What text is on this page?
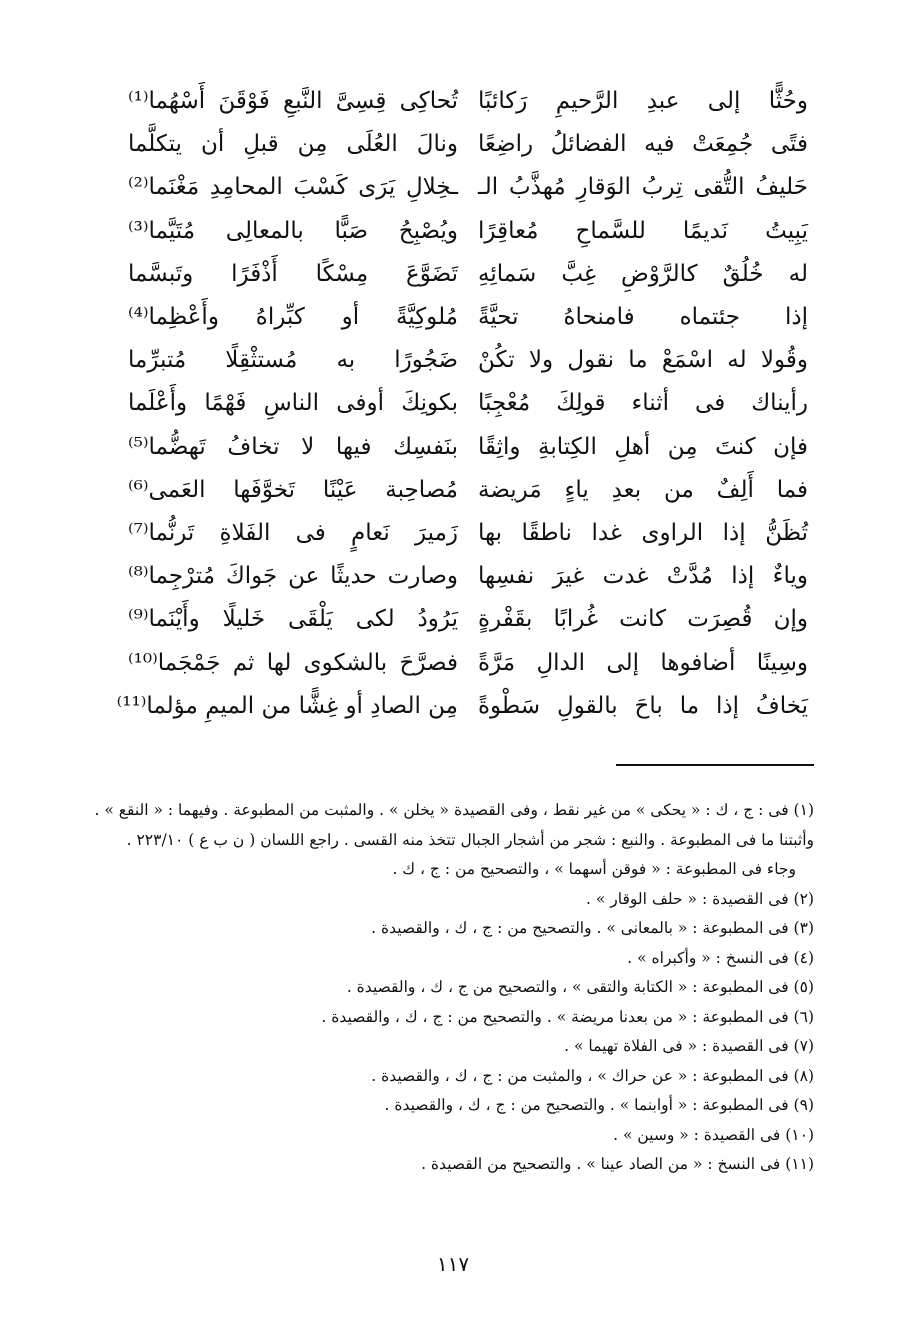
وحُثًّا إلى عبدِ الرَّحيمِ رَكائبًا
تُحاكِى قِسِىَّ النَّبعِ فَوْقَنَ أَسْهُما⁽¹⁾
فتًى جُمِعَتْ فيه الفضائلُ راضِعًا
ونالَ العُلَى مِن قبلِ أن يتكلَّما
حَليفُ التُّقى تِربُ الوَقارِ مُهذَّبُ الـ
ـخِلالِ يَرَى كَسْبَ المحامِدِ مَغْنَما⁽²⁾
يَبِيتُ نَديمًا للسَّماحِ مُعاقِرًا
ويُصْبِحُ صَبًّا بالمعالِى مُتَيَّما⁽³⁾
له خُلُقٌ كالرَّوْضِ غِبَّ سَمائِهِ
تَضَوَّعَ مِسْكًا أَذْفَرًا وتَبسَّما
إذا جئتماه فامنحاهُ تحيَّةً
مُلوكِيَّةً أو كبِّراهُ وأَعْظِما⁽⁴⁾
وقُولا له اسْمَعْ ما نقول ولا تكُنْ
ضَجُورًا به مُستثْقِلًا مُتبرِّما
رأيناك فى أثناء قولِكَ مُعْجِبًا
بكونِكَ أوفى الناسِ فَهْمًا وأَعْلَما
فإن كنتَ مِن أهلِ الكِتابةِ واثِقًا
بنَفسِك فيها لا تخافُ تَهضُّما⁽⁵⁾
فما أَلِفٌ من بعدِ ياءٍ مَريضة
مُصاحِبة عَيْنًا تَخوَّفَها العَمى⁽⁶⁾
تُظَنُّ إذا الراوى غدا ناطقًا بها
زَميرَ نَعامٍ فى الفَلاةِ تَرنُّما⁽⁷⁾
وياءٌ إذا مُدَّتْ غدت غيرَ نفسِها
وصارت حديثًا عن جَواكَ مُترْجِما⁽⁸⁾
وإن قُصِرَت كانت غُرابًا بقَفْرةٍ
يَرُودُ لكى يَلْقَى خَليلًا وأَيْنَما⁽⁹⁾
وسِينًا أضافوها إلى الدالِ مَرَّةً
فصرَّحَ بالشكوى لها ثم جَمْجَما⁽¹⁰⁾
يَخافُ إذا ما باحَ بالقولِ سَطْوةً
مِن الصادِ أو غِشًّا من الميمِ مؤلما⁽¹¹⁾
(١) فى : ج ، ك : « يحكى » من غير نقط ، وفى القصيدة « يخلن » . والمثبت من المطبوعة . وفيهما : « النقع » .
وأثبتنا ما فى المطبوعة . والنبع : شجر من أشجار الجبال تتخذ منه القسى . راجع اللسان ( ن ب ع ) ٢٢٣/١٠ .
وجاء فى المطبوعة : « فوقن أسهما » ، والتصحيح من : ج ، ك .
(٢) فى القصيدة : « حلف الوقار » .
(٣) فى المطبوعة : « بالمعانى » . والتصحيح من : ج ، ك ، والقصيدة .
(٤) فى النسخ : « وأكبراه » .
(٥) فى المطبوعة : « الكتابة والتقى » ، والتصحيح من ج ، ك ، والقصيدة .
(٦) فى المطبوعة : « من بعدنا مريضة » . والتصحيح من : ج ، ك ، والقصيدة .
(٧) فى القصيدة : « فى الفلاة تهيما » .
(٨) فى المطبوعة : « عن حراك » ، والمثبت من : ج ، ك ، والقصيدة .
(٩) فى المطبوعة : « أوابنما » . والتصحيح من : ج ، ك ، والقصيدة .
(١٠) فى القصيدة : « وسين » .
(١١) فى النسخ : « من الصاد عينا » . والتصحيح من القصيدة .
١١٧
